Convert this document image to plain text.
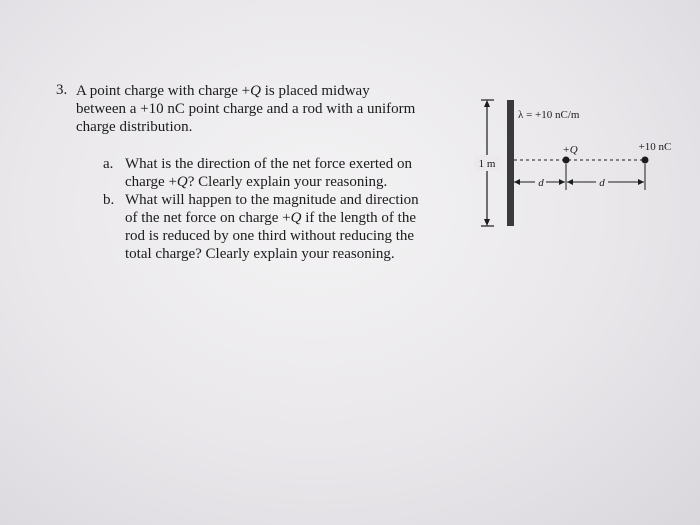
3. A point charge with charge +Q is placed midway
between a +10 nC point charge and a rod with a uniform
charge distribution.
a. What is the direction of the net force exerted on
charge +Q? Clearly explain your reasoning.
b. What will happen to the magnitude and direction
of the net force on charge +Q if the length of the
rod is reduced by one third without reducing the
total charge? Clearly explain your reasoning.
1 m
λ = +10 nC/m
+Q	+10 nC
d	d
